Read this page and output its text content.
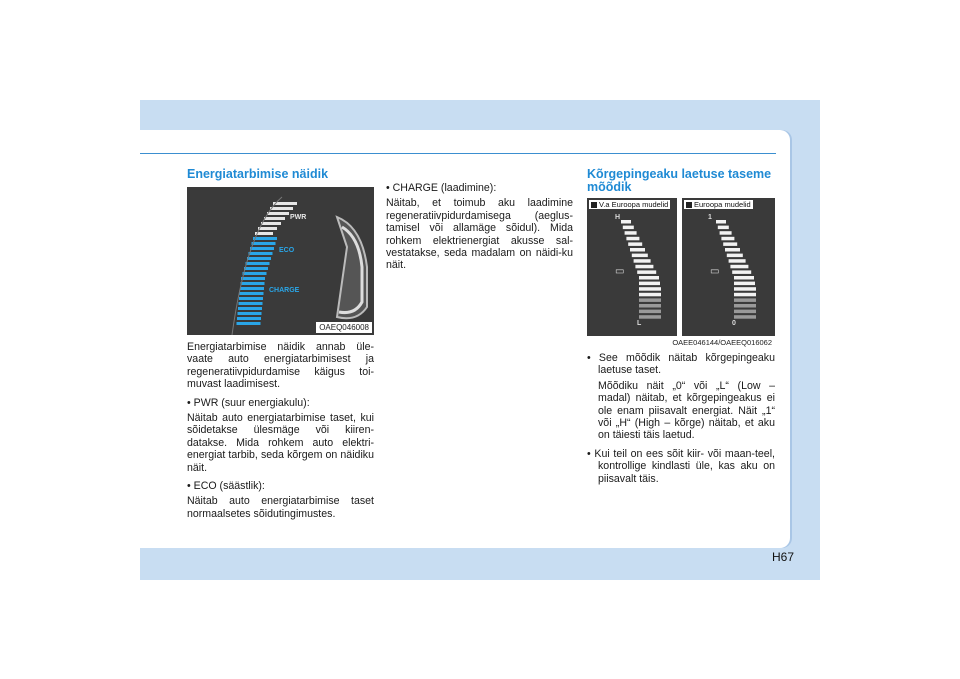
Energiatarbimise näidik
PWR
ECO
CHARGE
OAEQ046008

Energiatarbimise näidik annab üle-vaate auto energiatarbimisest ja regeneratiivpidurdamise käigus toi-muvast laadimisest.

• PWR (suur energiakulu):

Näitab auto energiatarbimise taset, kui sõidetakse ülesmäge või kiiren-datakse. Mida rohkem auto elektri-energiat tarbib, seda kõrgem on näidiku näit.

• ECO (säästlik):

Näitab auto energiatarbimise taset normaalsetes sõidutingimustes.

• CHARGE (laadimine):

Näitab, et toimub aku laadimine regeneratiivpidurdamisega (aeglus-tamisel või allamäge sõidul). Mida rohkem elektrienergiat akusse sal-vestatakse, seda madalam on näidi-ku näit.

Kõrgepingeaku laetuse taseme
mõõdik
H
L
▭
1
0
▭
V.a Euroopa mudelid	Euroopa mudelid
OAEE046144/OAEEQ016062

• See mõõdik näitab kõrgepingeaku laetuse taset.

Mõõdiku näit „0“ või „L“ (Low – madal) näitab, et kõrgepingeakus ei ole enam piisavalt energiat. Näit „1“ või „H“ (High – kõrge) näitab, et aku on täiesti täis laetud.

• Kui teil on ees sõit kiir- või maan-teel, kontrollige kindlasti üle, kas aku on piisavalt täis.

H67
